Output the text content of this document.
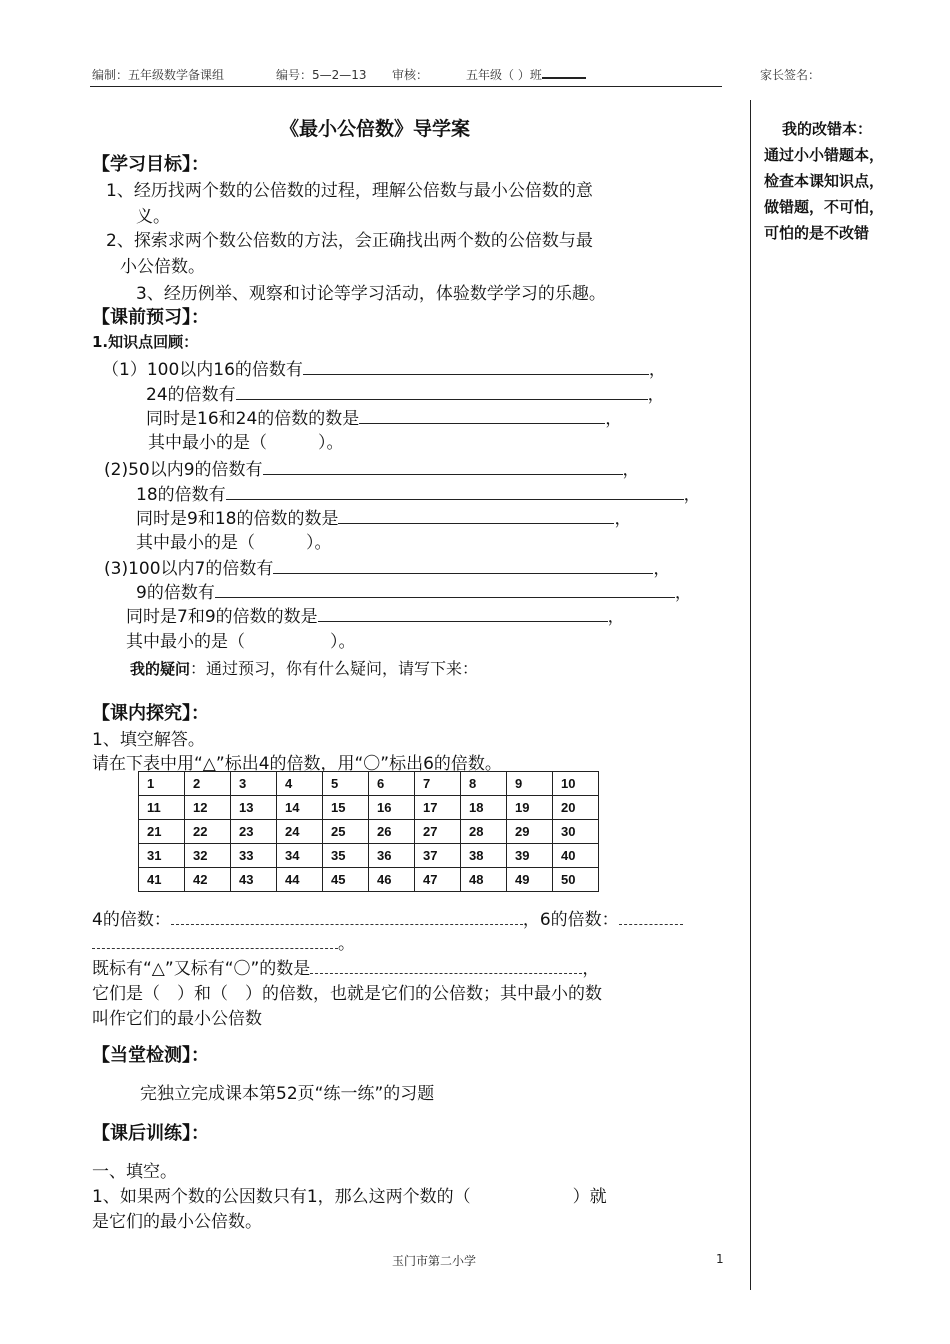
编制：五年级数学备课组	编号：5—2—13 审核：	五年级（ ）班	家长签名：
《最小公倍数》导学案
【学习目标】：
1、经历找两个数的公倍数的过程，理解公倍数与最小公倍数的意
义。
2、探索求两个数公倍数的方法，会正确找出两个数的公倍数与最
小公倍数。
3、经历例举、观察和讨论等学习活动，体验数学学习的乐趣。
【课前预习】：
1.知识点回顾：
（1）100以内16的倍数有	，
24的倍数有	，
同时是16和24的倍数的数是	，
其中最小的是（　　　）。
(2)50以内9的倍数有	，
18的倍数有	，
同时是9和18的倍数的数是	，
其中最小的是（　　　）。
(3)100以内7的倍数有	，
9的倍数有	，
同时是7和9的倍数的数是	，
其中最小的是（　　　　　）。
我的疑问：通过预习，你有什么疑问，请写下来：
【课内探究】：
1、填空解答。
请在下表中用“△”标出4的倍数，用“〇”标出6的倍数。
1	2	3	4	5	6	7	8	9	10
11	12	13	14	15	16	17	18	19	20
21	22	23	24	25	26	27	28	29	30
31	32	33	34	35	36	37	38	39	40
41	42	43	44	45	46	47	48	49	50
4的倍数：	，6的倍数：
。
既标有“△”又标有“〇”的数是	，
它们是（　）和（　）的倍数，也就是它们的公倍数；其中最小的数
叫作它们的最小公倍数
【当堂检测】：
完独立完成课本第52页“练一练”的习题
【课后训练】：
一、填空。
1、如果两个数的公因数只有1，那么这两个数的（　　　　　　）就
是它们的最小公倍数。
我的改错本：
通过小小错题本，
检查本课知识点，
做错题，不可怕，
可怕的是不改错
玉门市第二小学	1
